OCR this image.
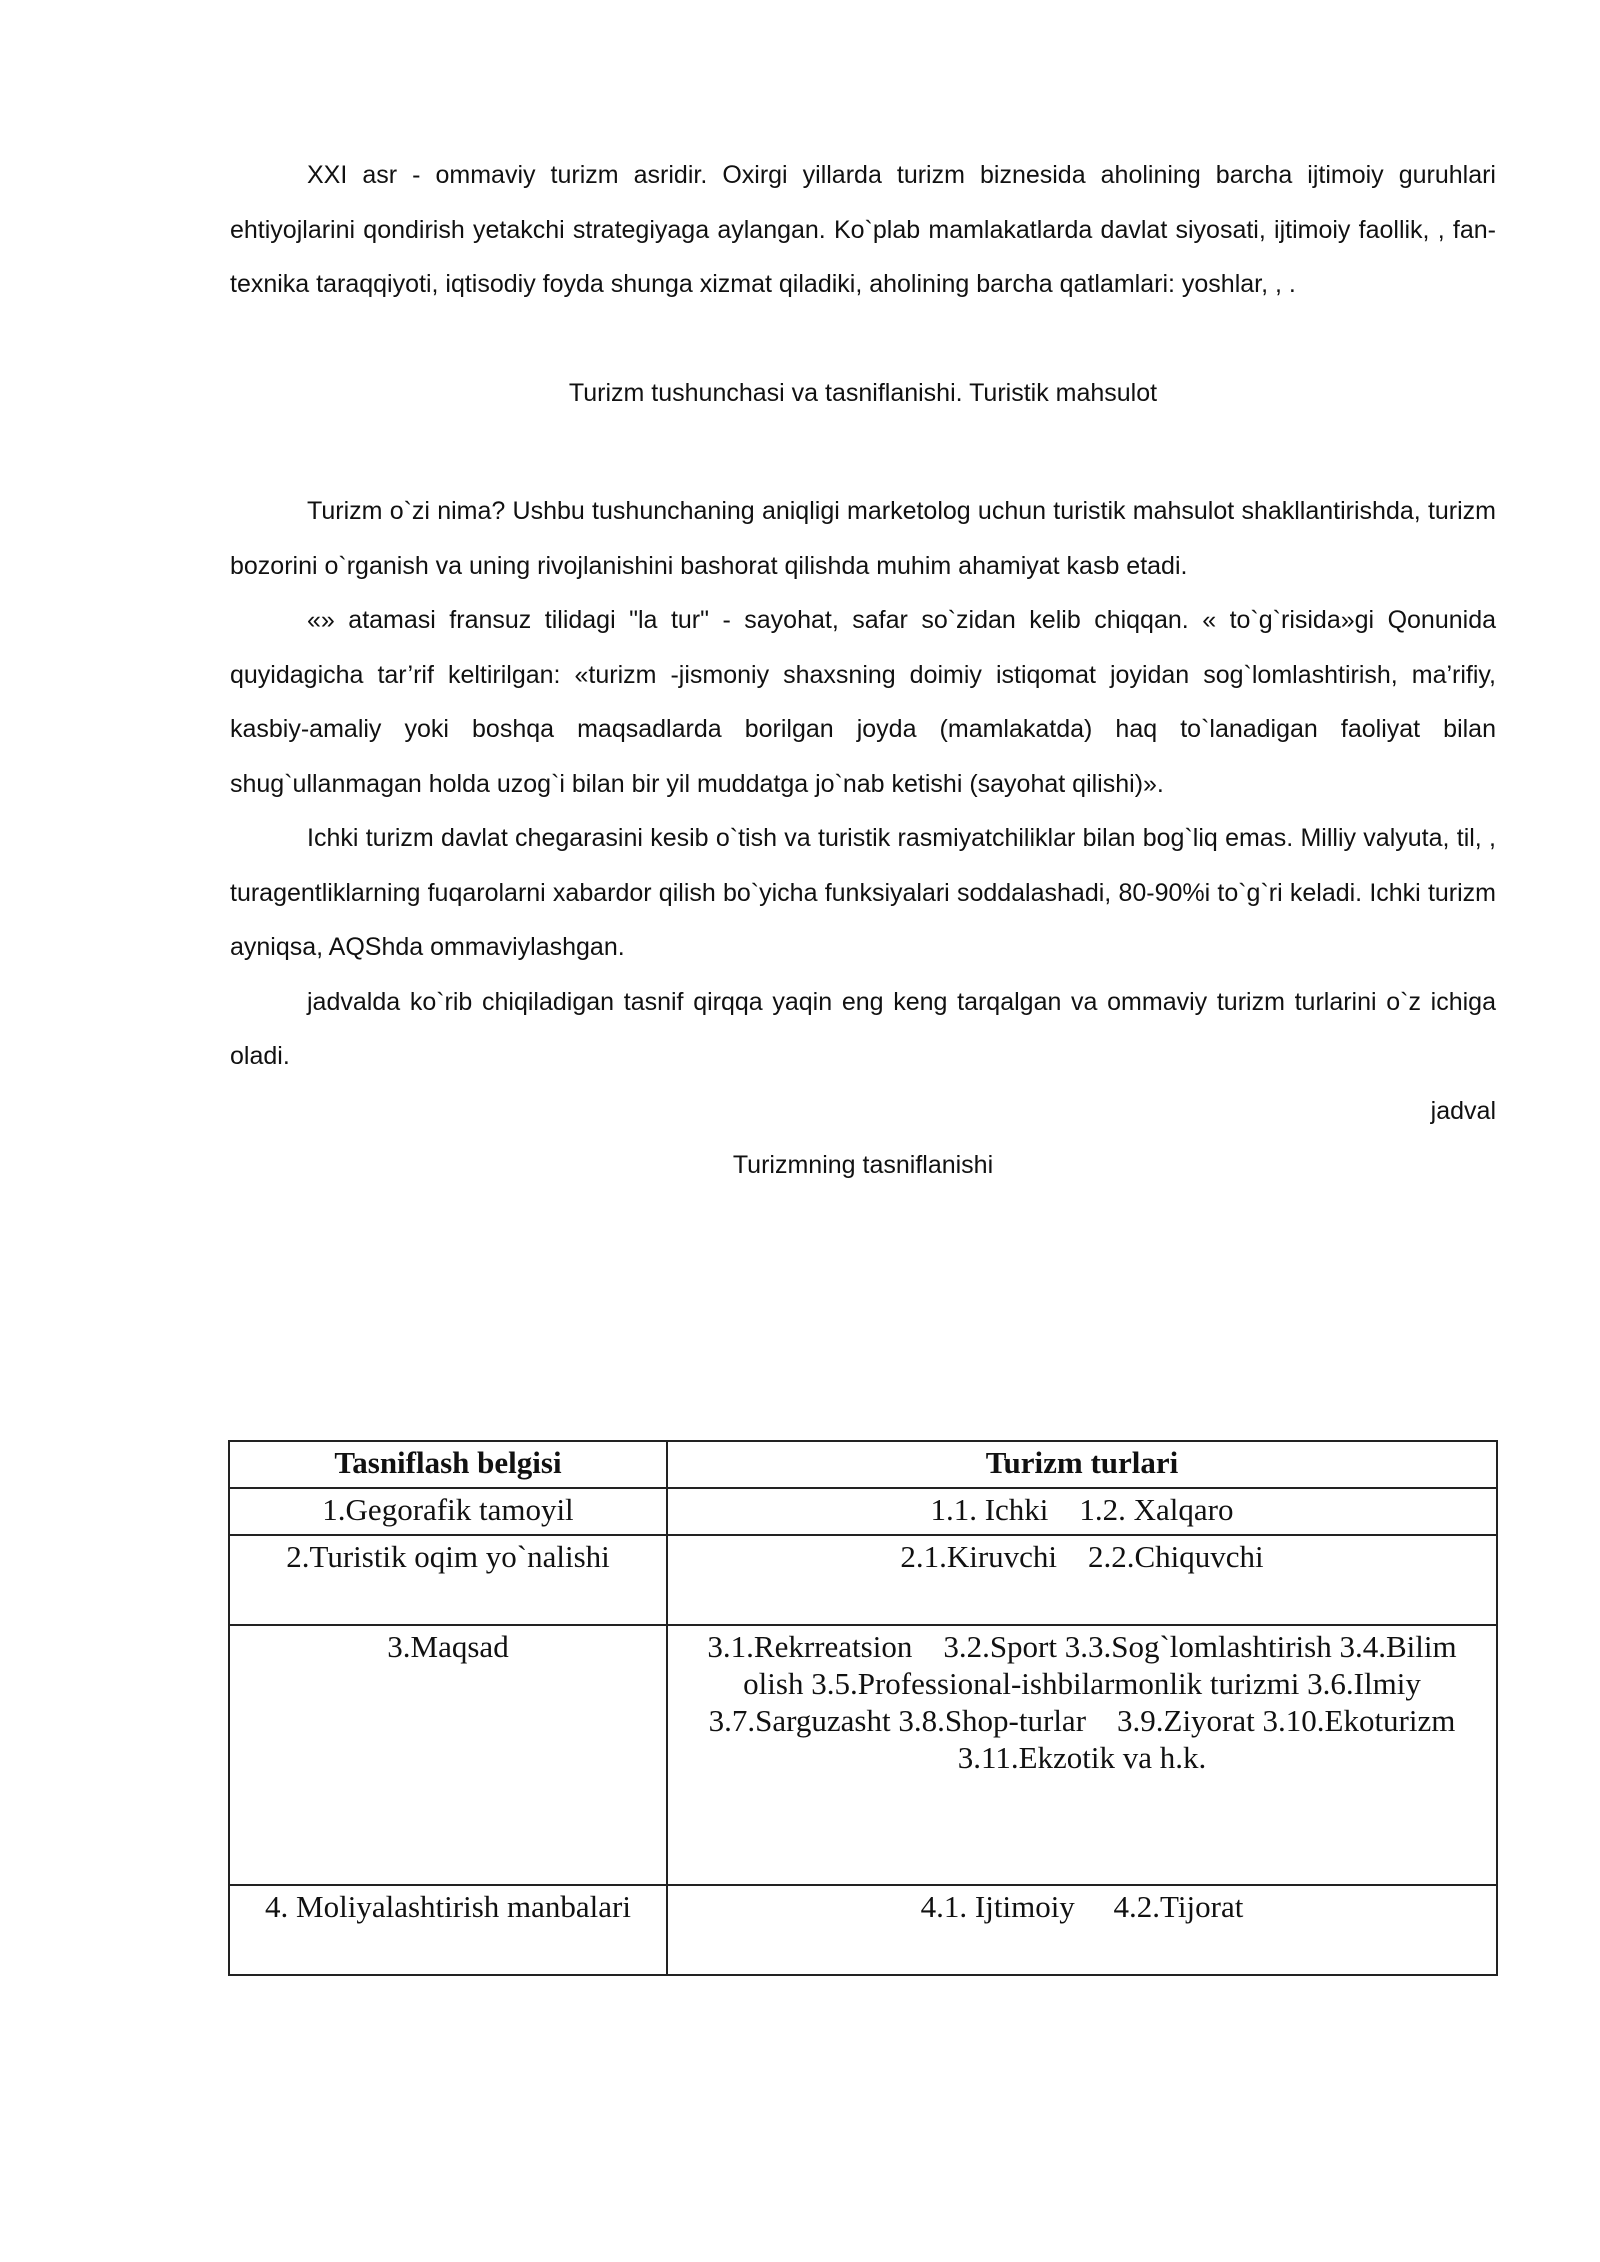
XXI asr - ommaviy turizm asridir. Oxirgi yillarda turizm biznesida aholining barcha ijtimoiy guruhlari ehtiyojlarini qondirish yetakchi strategiyaga aylangan. Ko`plab mamlakatlarda davlat siyosati, ijtimoiy faollik, , fan-texnika taraqqiyoti, iqtisodiy foyda shunga xizmat qiladiki, aholining barcha qatlamlari: yoshlar, , .

Turizm tushunchasi va tasniflanishi. Turistik mahsulot

Turizm o`zi nima? Ushbu tushunchaning aniqligi marketolog uchun turistik mahsulot shakllantirishda, turizm bozorini o`rganish va uning rivojlanishini bashorat qilishda muhim ahamiyat kasb etadi.

«» atamasi fransuz tilidagi "la tur" - sayohat, safar so`zidan kelib chiqqan. « to`g`risida»gi Qonunida quyidagicha tar’rif keltirilgan: «turizm -jismoniy shaxsning doimiy istiqomat joyidan sog`lomlashtirish, ma’rifiy, kasbiy-amaliy yoki boshqa maqsadlarda borilgan joyda (mamlakatda) haq to`lanadigan faoliyat bilan shug`ullanmagan holda uzog`i bilan bir yil muddatga jo`nab ketishi (sayohat qilishi)».

Ichki turizm davlat chegarasini kesib o`tish va turistik rasmiyatchiliklar bilan bog`liq emas. Milliy valyuta, til, , turagentliklarning fuqarolarni xabardor qilish bo`yicha funksiyalari soddalashadi, 80-90%i to`g`ri keladi. Ichki turizm ayniqsa, AQShda ommaviylashgan.

jadvalda ko`rib chiqiladigan tasnif qirqqa yaqin eng keng tarqalgan va ommaviy turizm turlarini o`z ichiga oladi.

jadval

Turizmning tasniflanishi

Tasniflash belgisi	Turizm turlari
1.Gegorafik tamoyil	1.1. Ichki    1.2. Xalqaro
2.Turistik oqim yo`nalishi	2.1.Kiruvchi    2.2.Chiquvchi
3.Maqsad	3.1.Rekrreatsion    3.2.Sport 3.3.Sog`lomlashtirish 3.4.Bilim olish 3.5.Professional-ishbilarmonlik turizmi 3.6.Ilmiy 3.7.Sarguzasht 3.8.Shop-turlar    3.9.Ziyorat 3.10.Ekoturizm 3.11.Ekzotik va h.k.
4. Moliyalashtirish manbalari	4.1. Ijtimoiy     4.2.Tijorat
